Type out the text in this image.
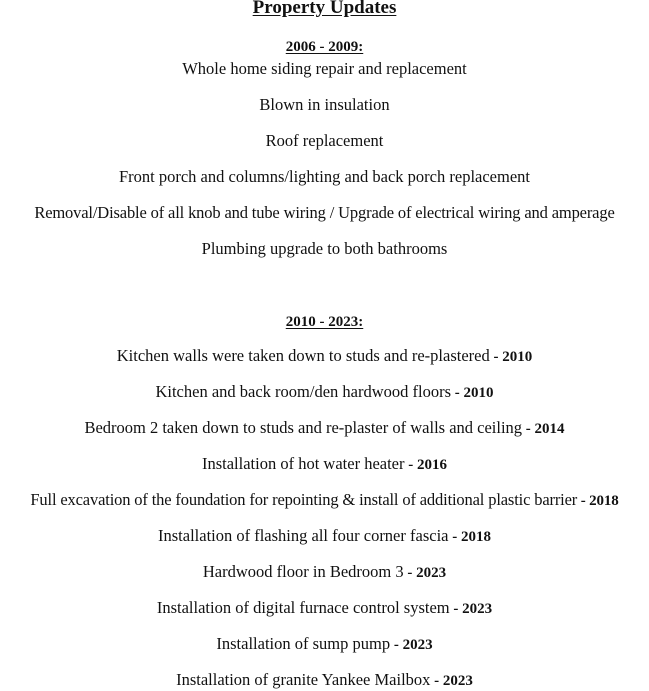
Property Updates
2006 - 2009:
Whole home siding repair and replacement
Blown in insulation
Roof replacement
Front porch and columns/lighting and back porch replacement
Removal/Disable of all knob and tube wiring / Upgrade of electrical wiring and amperage
Plumbing upgrade to both bathrooms
2010 - 2023:
Kitchen walls were taken down to studs and re-plastered - 2010
Kitchen and back room/den hardwood floors - 2010
Bedroom 2 taken down to studs and re-plaster of walls and ceiling - 2014
Installation of hot water heater - 2016
Full excavation of the foundation for repointing & install of additional plastic barrier - 2018
Installation of flashing all four corner fascia - 2018
Hardwood floor in Bedroom 3 - 2023
Installation of digital furnace control system - 2023
Installation of sump pump - 2023
Installation of granite Yankee Mailbox - 2023
